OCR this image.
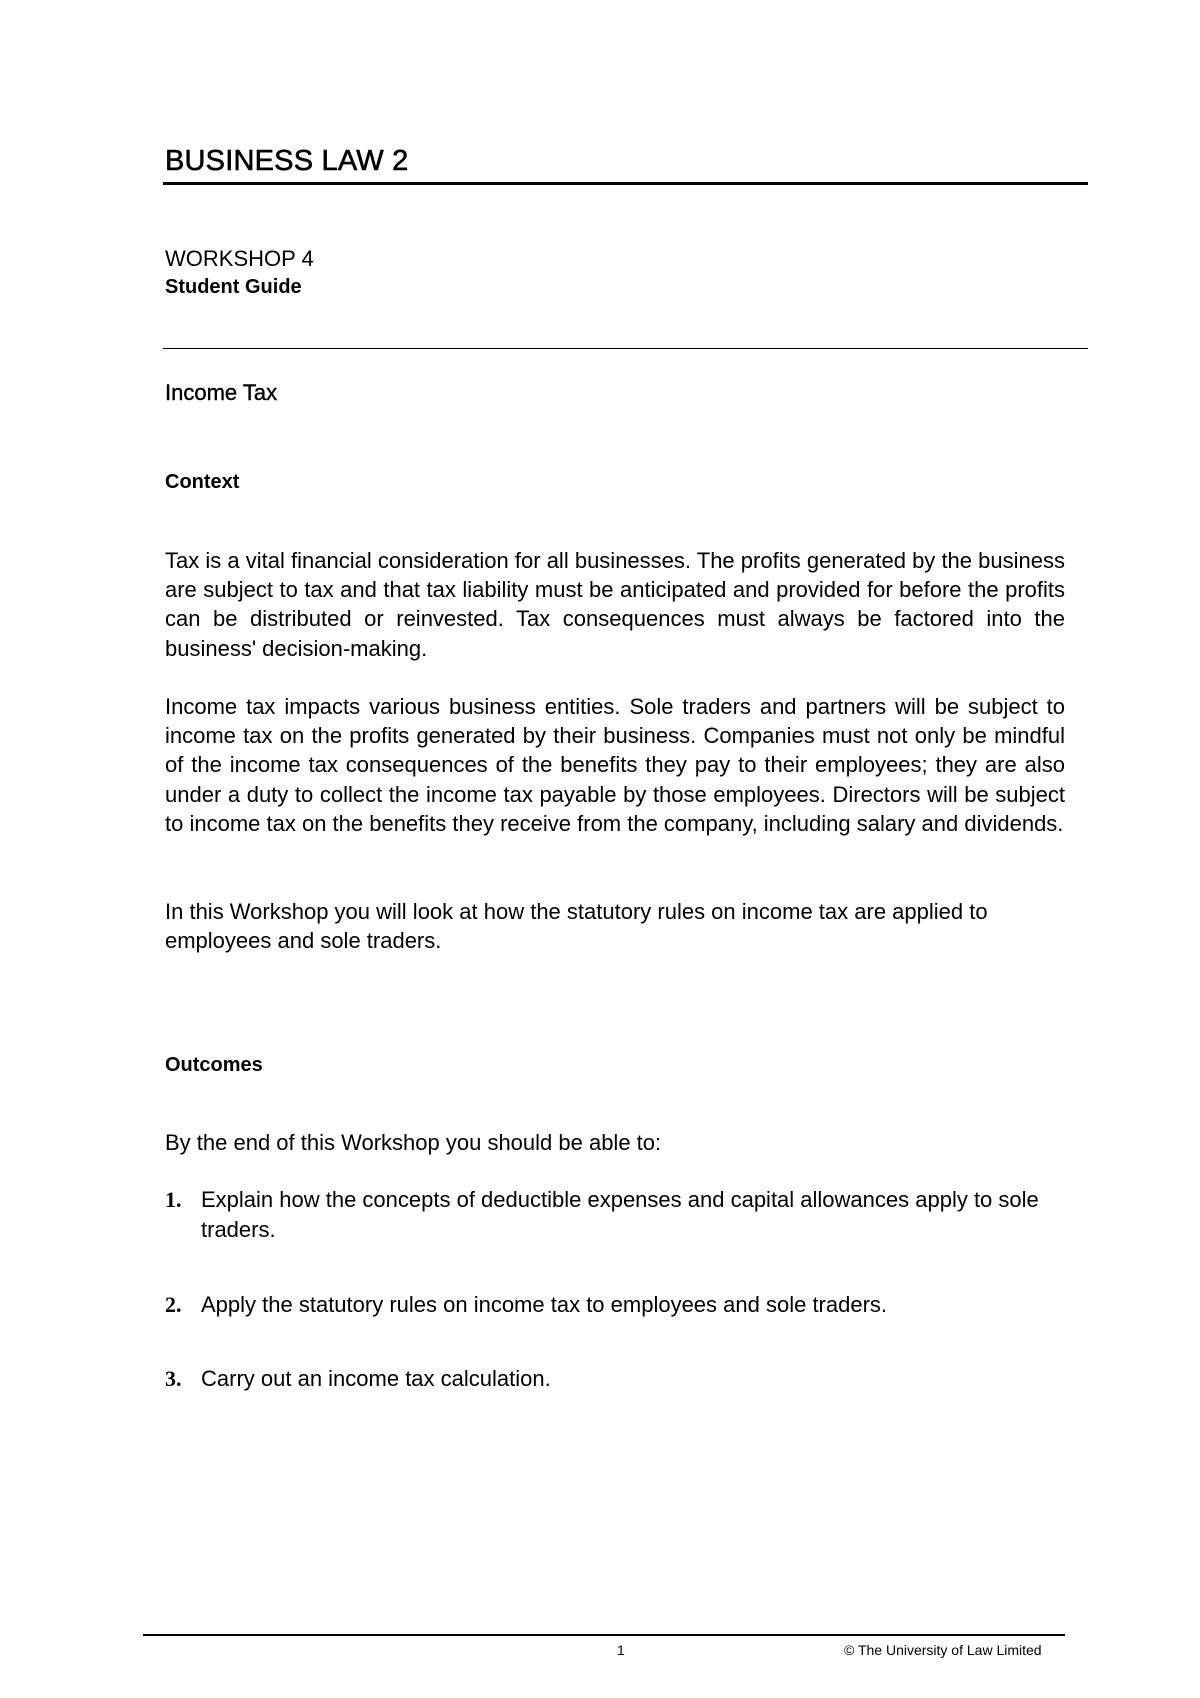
BUSINESS LAW 2
WORKSHOP 4
Student Guide
Income Tax
Context
Tax is a vital financial consideration for all businesses. The profits generated by the business are subject to tax and that tax liability must be anticipated and provided for before the profits can be distributed or reinvested. Tax consequences must always be factored into the business' decision-making.
Income tax impacts various business entities. Sole traders and partners will be subject to income tax on the profits generated by their business. Companies must not only be mindful of the income tax consequences of the benefits they pay to their employees; they are also under a duty to collect the income tax payable by those employees. Directors will be subject to income tax on the benefits they receive from the company, including salary and dividends.
In this Workshop you will look at how the statutory rules on income tax are applied to employees and sole traders.
Outcomes
By the end of this Workshop you should be able to:
1. Explain how the concepts of deductible expenses and capital allowances apply to sole traders.
2. Apply the statutory rules on income tax to employees and sole traders.
3. Carry out an income tax calculation.
1	© The University of Law Limited
